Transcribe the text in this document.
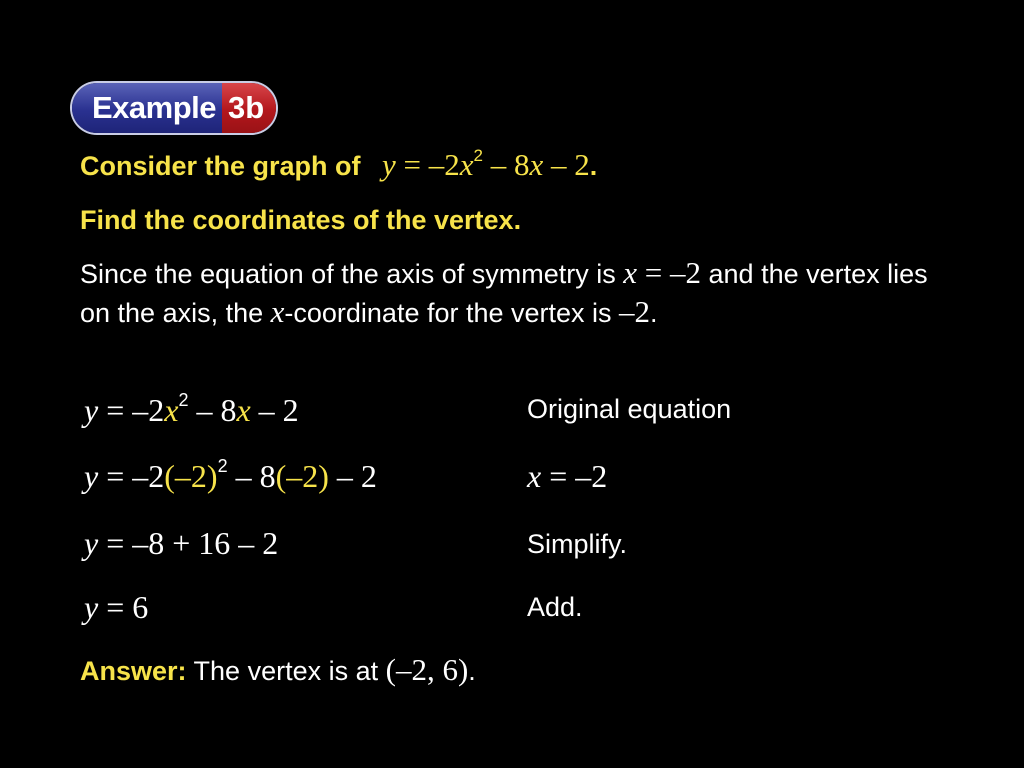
Example 3b
Consider the graph of $y = -2x^2 - 8x - 2$.
Find the coordinates of the vertex.
Since the equation of the axis of symmetry is x = –2 and the vertex lies on the axis, the x-coordinate for the vertex is –2.
$y = -2x^2 - 8x - 2$	Original equation
$y = -2(-2)^2 - 8(-2) - 2$	x = –2
y = –8 + 16 – 2	Simplify.
y = 6	Add.
Answer: The vertex is at (–2, 6).
